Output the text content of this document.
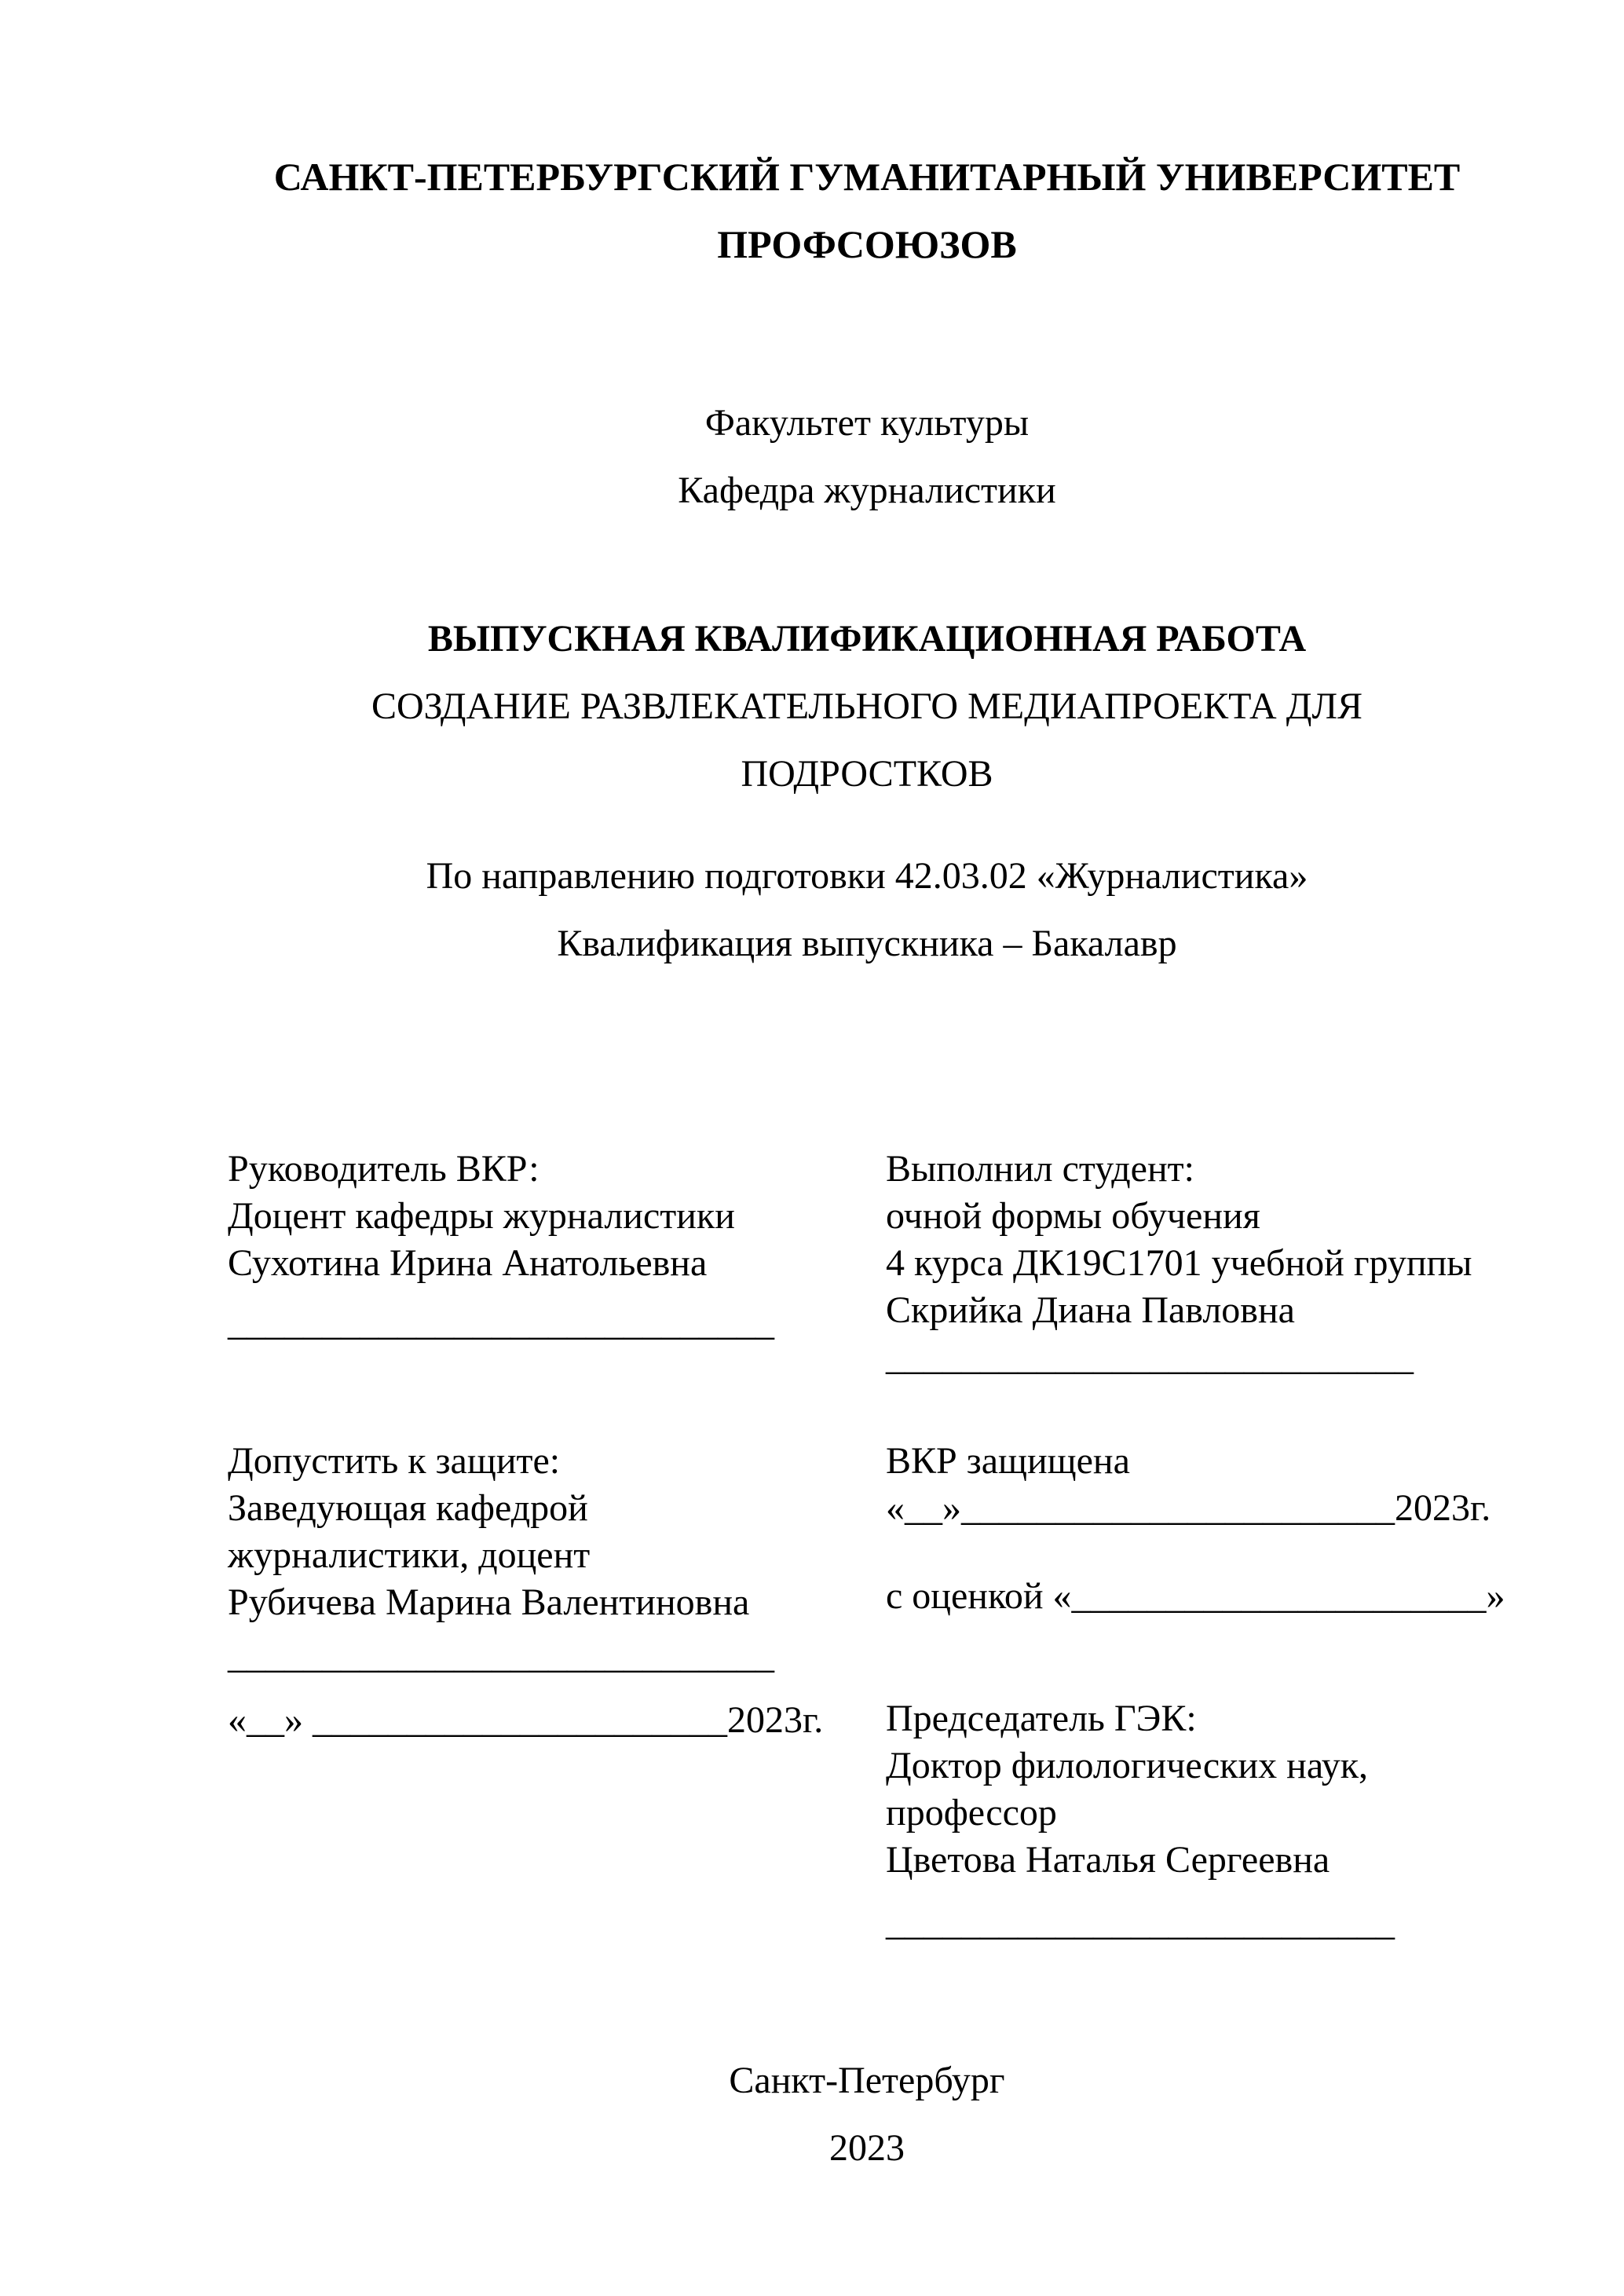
САНКТ-ПЕТЕРБУРГСКИЙ ГУМАНИТАРНЫЙ УНИВЕРСИТЕТ
ПРОФСОЮЗОВ
Факультет культуры
Кафедра журналистики
ВЫПУСКНАЯ КВАЛИФИКАЦИОННАЯ РАБОТА
СОЗДАНИЕ РАЗВЛЕКАТЕЛЬНОГО МЕДИАПРОЕКТА ДЛЯ
ПОДРОСТКОВ
По направлению подготовки 42.03.02 «Журналистика»
Квалификация выпускника – Бакалавр
Руководитель ВКР:
Доцент кафедры журналистики
Сухотина Ирина Анатольевна
_____________________________
Выполнил студент:
очной формы обучения
4 курса ДК19С1701 учебной группы
Скрийка Диана Павловна
____________________________
Допустить к защите:
Заведующая кафедрой
журналистики, доцент
Рубичева Марина Валентиновна
_____________________________
«__» ______________________2023г.
ВКР защищена
«__»_______________________2023г.
с оценкой «______________________»
Председатель ГЭК:
Доктор филологических наук,
профессор
Цветова Наталья Сергеевна
___________________________
Санкт-Петербург
2023
